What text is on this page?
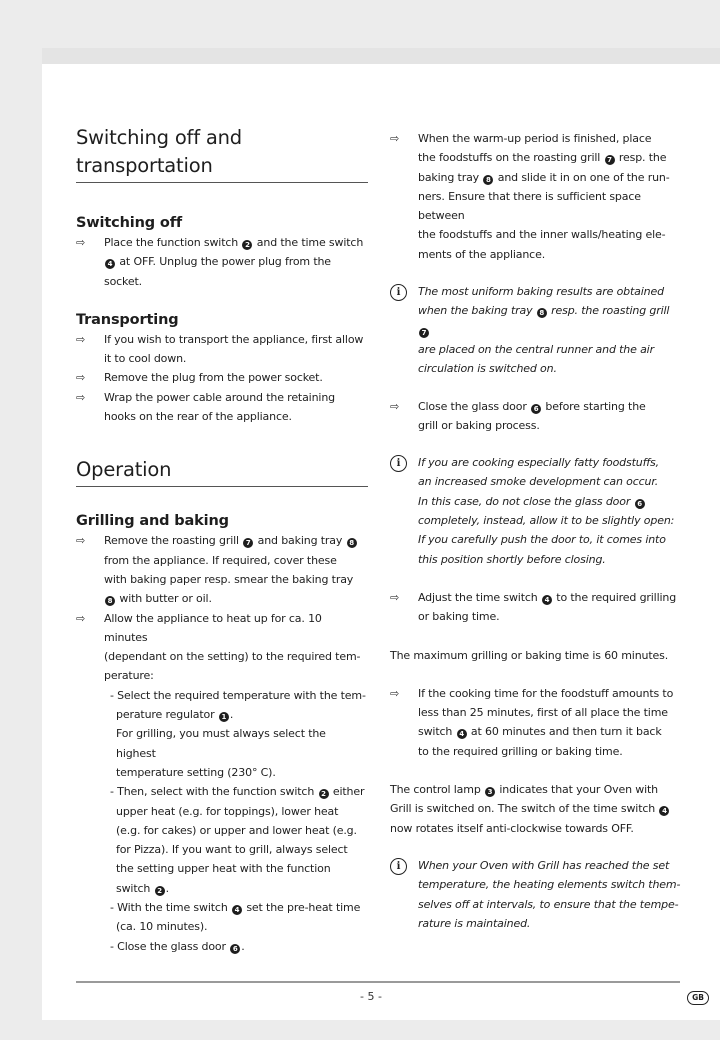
Switching off and transportation
Switching off
⇨	Place the function switch 2 and the time switch
4 at OFF. Unplug the power plug from the
socket.
Transporting
⇨	If you wish to transport the appliance, first allow
it to cool down.
⇨	Remove the plug from the power socket.
⇨	Wrap the power cable around the retaining
hooks on the rear of the appliance.
Operation
Grilling and baking
⇨	Remove the roasting grill 7 and baking tray 8
from the appliance. If required, cover these
with baking paper resp. smear the baking tray
8 with butter or oil.
⇨	Allow the appliance to heat up for ca. 10 minutes
(dependant on the setting) to the required tem-
perature:
- Select the required temperature with the tem-
perature regulator 1 .
For grilling, you must always select the highest
temperature setting (230° C).
- Then, select with the function switch 2 either
upper heat (e.g. for toppings), lower heat
(e.g. for cakes) or upper and lower heat (e.g.
for Pizza). If you want to grill, always select
the setting upper heat with the function switch 2 .
- With the time switch 4 set the pre-heat time
(ca. 10 minutes).
- Close the glass door 6 .
⇨	When the warm-up period is finished, place
the foodstuffs on the roasting grill 7 resp. the
baking tray 8 and slide it in on one of the run-
ners. Ensure that there is sufficient space between
the foodstuffs and the inner walls/heating ele-
ments of the appliance.
i	The most uniform baking results are obtained
when the baking tray 8 resp. the roasting grill 7
are placed on the central runner and the air
circulation is switched on.
⇨	Close the glass door 6 before starting the
grill or baking process.
i	If you are cooking especially fatty foodstuffs,
an increased smoke development can occur.
In this case, do not close the glass door 6
completely, instead, allow it to be slightly open:
If you carefully push the door to, it comes into
this position shortly before closing.
⇨	Adjust the time switch 4 to the required grilling
or baking time.
The maximum grilling or baking time is 60 minutes.
⇨	If the cooking time for the foodstuff amounts to
less than 25 minutes, first of all place the time
switch 4 at 60 minutes and then turn it back
to the required grilling or baking time.
The control lamp 3 indicates that your Oven with
Grill is switched on. The switch of the time switch 4
now rotates itself anti-clockwise towards OFF.
i	When your Oven with Grill has reached the set
temperature, the heating elements switch them-
selves off at intervals, to ensure that the tempe-
rature is maintained.
- 5 -	GB
